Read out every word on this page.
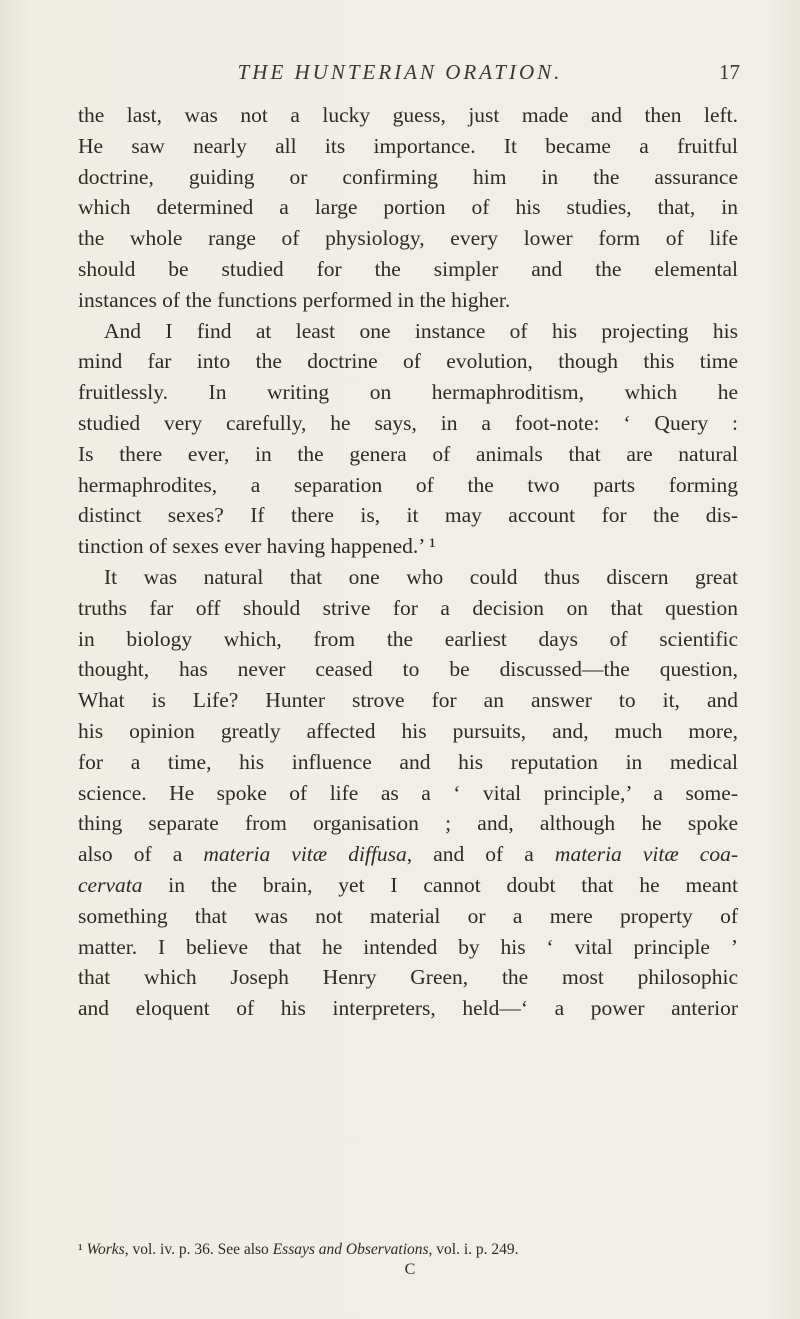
THE HUNTERIAN ORATION.	17
the last, was not a lucky guess, just made and then left.
He saw nearly all its importance. It became a fruitful
doctrine, guiding or confirming him in the assurance
which determined a large portion of his studies, that, in
the whole range of physiology, every lower form of life
should be studied for the simpler and the elemental
instances of the functions performed in the higher.
And I find at least one instance of his projecting his
mind far into the doctrine of evolution, though this time
fruitlessly. In writing on hermaphroditism, which he
studied very carefully, he says, in a foot-note: ‘ Query :
Is there ever, in the genera of animals that are natural
hermaphrodites, a separation of the two parts forming
distinct sexes? If there is, it may account for the dis-
tinction of sexes ever having happened.’ ¹
It was natural that one who could thus discern great
truths far off should strive for a decision on that question
in biology which, from the earliest days of scientific
thought, has never ceased to be discussed—the question,
What is Life? Hunter strove for an answer to it, and
his opinion greatly affected his pursuits, and, much more,
for a time, his influence and his reputation in medical
science. He spoke of life as a ‘ vital principle,’ a some-
thing separate from organisation ; and, although he spoke
also of a materia vitæ diffusa, and of a materia vitæ coa-
cervata in the brain, yet I cannot doubt that he meant
something that was not material or a mere property of
matter. I believe that he intended by his ‘ vital principle ’
that which Joseph Henry Green, the most philosophic
and eloquent of his interpreters, held—‘ a power anterior
¹ Works, vol. iv. p. 36. See also Essays and Observations, vol. i. p. 249.
C
